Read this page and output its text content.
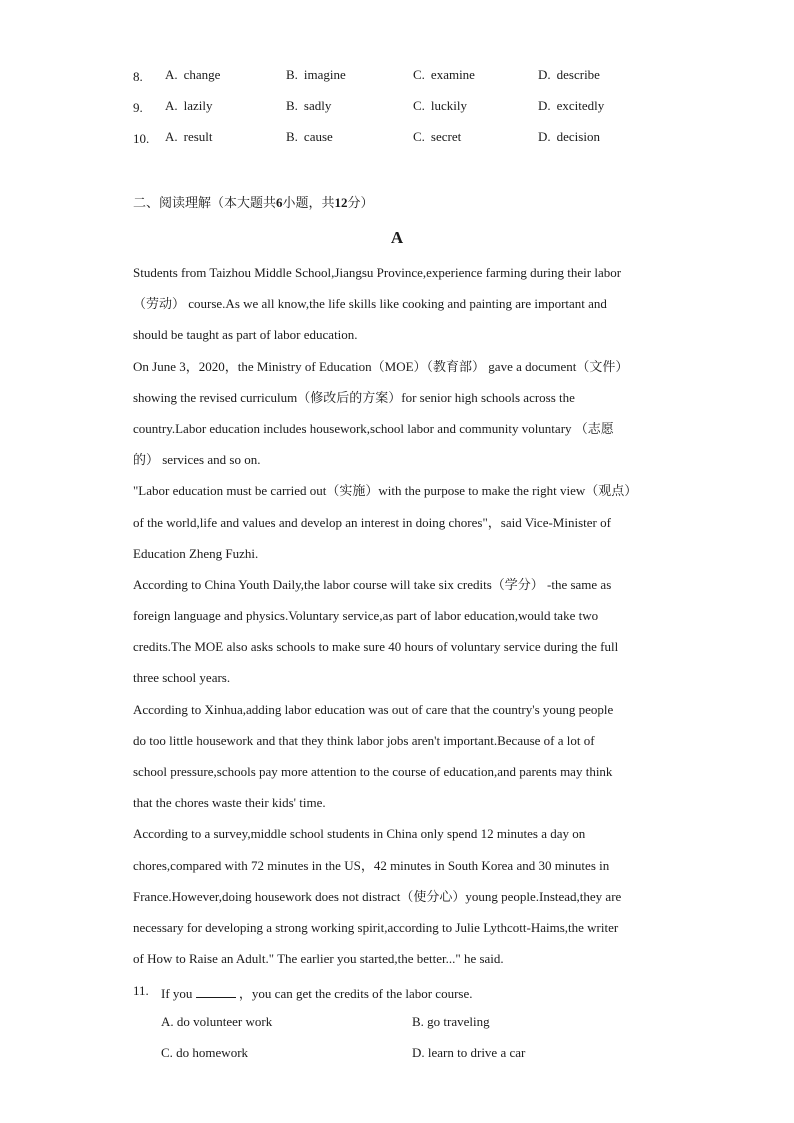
8. A. change	B. imagine	C. examine	D. describe
9. A. lazily	B. sadly	C. luckily	D. excitedly
10. A. result	B. cause	C. secret	D. decision
二、阅读理解（本大题共6小题，共12分）
A
Students from Taizhou Middle School,Jiangsu Province,experience farming during their labor
（劳动） course.As we all know,the life skills like cooking and painting are important and
should be taught as part of labor education.
On June 3，2020，the Ministry of Education（MOE）（教育部） gave a document（文件）
showing the revised curriculum（修改后的方案）for senior high schools across the
country.Labor education includes housework,school labor and community voluntary （志愿
的） services and so on.
"Labor education must be carried out（实施）with the purpose to make the right view（观点）
of the world,life and values and develop an interest in doing chores"，said Vice-Minister of
Education Zheng Fuzhi.
According to China Youth Daily,the labor course will take six credits（学分） -the same as
foreign language and physics.Voluntary service,as part of labor education,would take two
credits.The MOE also asks schools to make sure 40 hours of voluntary service during the full
three school years.
According to Xinhua,adding labor education was out of care that the country's young people
do too little housework and that they think labor jobs aren't important.Because of a lot of
school pressure,schools pay more attention to the course of education,and parents may think
that the chores waste their kids' time.
According to a survey,middle school students in China only spend 12 minutes a day on
chores,compared with 72 minutes in the US，42 minutes in South Korea and 30 minutes in
France.However,doing housework does not distract（使分心）young people.Instead,they are
necessary for developing a strong working spirit,according to Julie Lythcott-Haims,the writer
of How to Raise an Adult." The earlier you started,the better..." he said.
11. If you	，you can get the credits of the labor course.
A. do volunteer work	B. go traveling
C. do homework	D. learn to drive a car
